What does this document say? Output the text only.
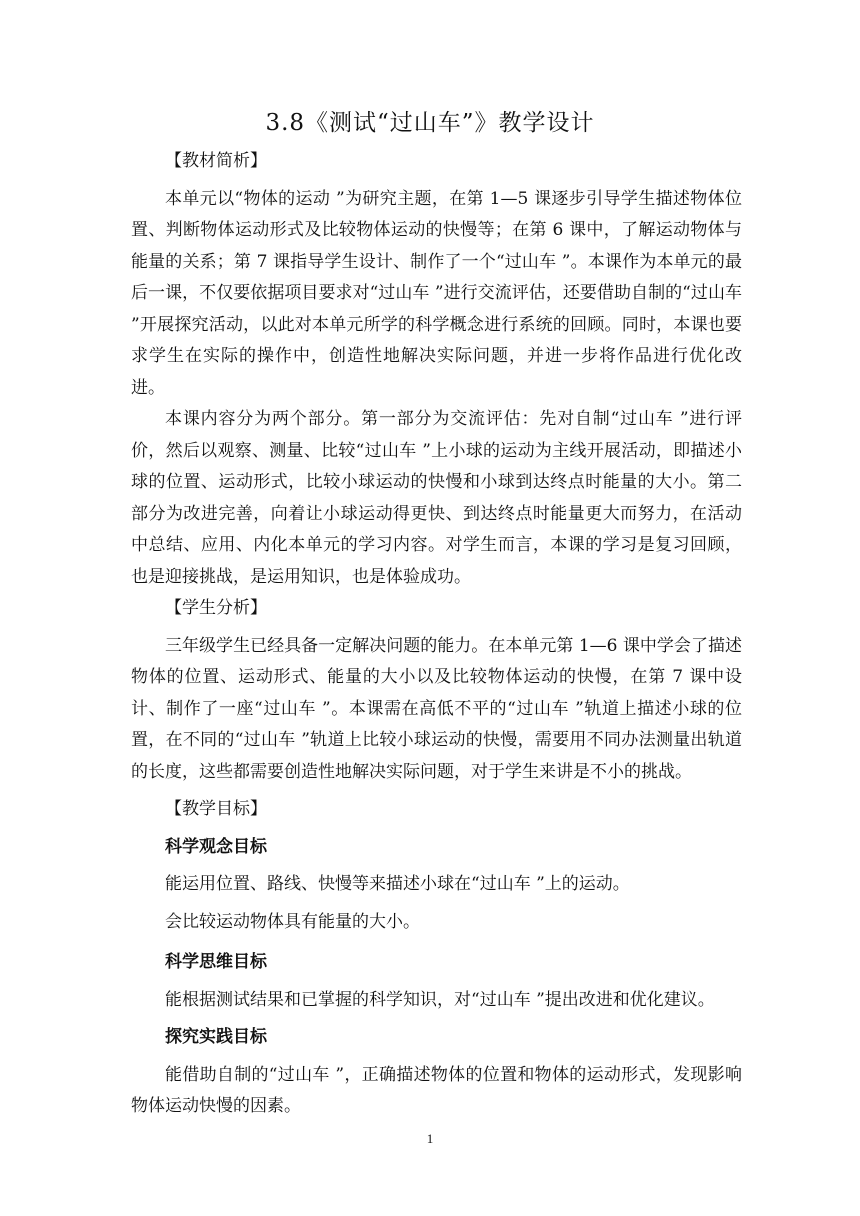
3.8《测试“过山车”》教学设计

【教材简析】

本单元以“物体的运动 ”为研究主题，在第 1—5 课逐步引导学生描述物体位置、判断物体运动形式及比较物体运动的快慢等；在第 6 课中，了解运动物体与能量的关系；第 7 课指导学生设计、制作了一个“过山车 ”。本课作为本单元的最后一课，不仅要依据项目要求对“过山车 ”进行交流评估，还要借助自制的“过山车 ”开展探究活动，以此对本单元所学的科学概念进行系统的回顾。同时，本课也要求学生在实际的操作中，创造性地解决实际问题，并进一步将作品进行优化改进。

本课内容分为两个部分。第一部分为交流评估：先对自制“过山车 ”进行评价，然后以观察、测量、比较“过山车 ”上小球的运动为主线开展活动，即描述小球的位置、运动形式，比较小球运动的快慢和小球到达终点时能量的大小。第二部分为改进完善，向着让小球运动得更快、到达终点时能量更大而努力，在活动中总结、应用、内化本单元的学习内容。对学生而言，本课的学习是复习回顾，也是迎接挑战，是运用知识，也是体验成功。

【学生分析】

三年级学生已经具备一定解决问题的能力。在本单元第 1—6 课中学会了描述物体的位置、运动形式、能量的大小以及比较物体运动的快慢，在第 7 课中设计、制作了一座“过山车 ”。本课需在高低不平的“过山车 ”轨道上描述小球的位置，在不同的“过山车 ”轨道上比较小球运动的快慢，需要用不同办法测量出轨道的长度，这些都需要创造性地解决实际问题，对于学生来讲是不小的挑战。

【教学目标】

科学观念目标

能运用位置、路线、快慢等来描述小球在“过山车 ”上的运动。

会比较运动物体具有能量的大小。

科学思维目标

能根据测试结果和已掌握的科学知识，对“过山车 ”提出改进和优化建议。

探究实践目标

能借助自制的“过山车 ”，正确描述物体的位置和物体的运动形式，发现影响物体运动快慢的因素。

1
